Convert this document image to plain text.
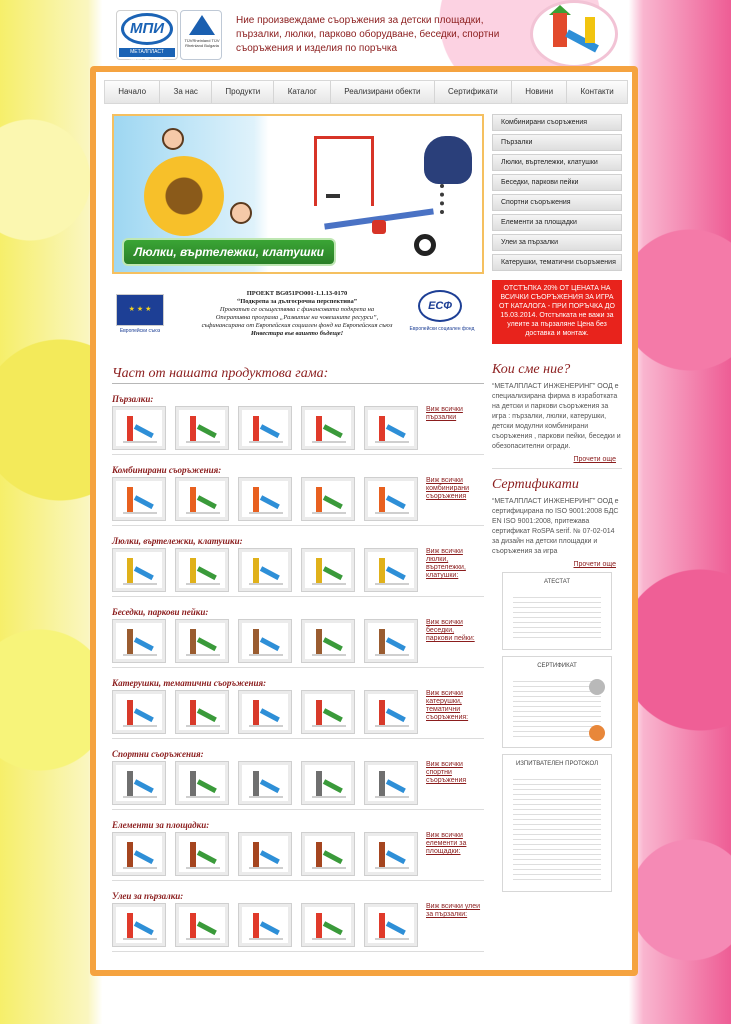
МПИ
МЕТАЛПЛАСТ ИНЖЕНЕРИНГ
TÜVRheinland TÜV Rheinland Bulgaria
Ние произвеждаме съоръжения за детски площадки, пързалки, люлки, парково оборудване, беседки, спортни съоръжения и изделия по поръчка
Начало	За нас	Продукти	Каталог	Реализирани обекти	Сертификати	Новини	Контакти
Люлки, въртележки, клатушки
Комбинирани съоръжения
Пързалки
Люлки, въртележки, клатушки
Беседки, паркови пейки
Спортни съоръжения
Елементи за площадки
Улеи за пързалки
Катерушки, тематични съоръжения
★ ★ ★
Европейски съюз
ПРОЕКТ BG051PO001-1.1.13-0170
“Подкрепа за дългосрочна перспектива”
Проектът се осъществява с финансовата подкрепа на
Оперативна програма „Развитие на човешките ресурси”,
съфинансирана от Европейския социален фонд на Европейския съюз
Инвестира във вашето бъдеще!
ЕСФ
Европейски социален фонд
ОТСТЪПКА 20% ОТ ЦЕНАТА НА ВСИЧКИ СЪОРЪЖЕНИЯ ЗА ИГРА ОТ КАТАЛОГА - ПРИ ПОРЪЧКА ДО 15.03.2014. Отстъпката не важи за улеите за пързаляне Цена без доставка и монтаж.
Част от нашата продуктова гама:
Пързалки:
Виж всички пързалки
Комбинирани съоръжения:
Виж всички комбинирани съоръжения
Люлки, въртележки, клатушки:
Виж всички люлки, въртележки, клатушки:
Беседки, паркови пейки:
Виж всички беседки, паркови пейки:
Катерушки, тематични съоръжения:
Виж всички катерушки, тематични съоръжения:
Спортни съоръжения:
Виж всички спортни съоръжения
Елементи за площадки:
Виж всички елементи за площадки:
Улеи за пързалки:
Виж всички улеи за пързалки:
Кои сме ние?
“МЕТАЛПЛАСТ ИНЖЕНЕРИНГ” ООД е специализирана фирма в изработката на детски и паркови съоръжения за игра : пързалки, люлки, катерушки, детски модулни комбинирани съоръжения , паркови пейки, беседки и обезопасителни огради.
Прочети още
Сертификати
“МЕТАЛПЛАСТ ИНЖЕНЕРИНГ” ООД е сертифицирана по ISO 9001:2008 БДС EN ISO 9001:2008, притежава сертификат RoSPA serif. № 07-02-014 за дизайн на детски площадки и съоръжения за игра
Прочети още
АТЕСТАТ
СЕРТИФИКАТ
ИЗПИТВАТЕЛЕН ПРОТОКОЛ
